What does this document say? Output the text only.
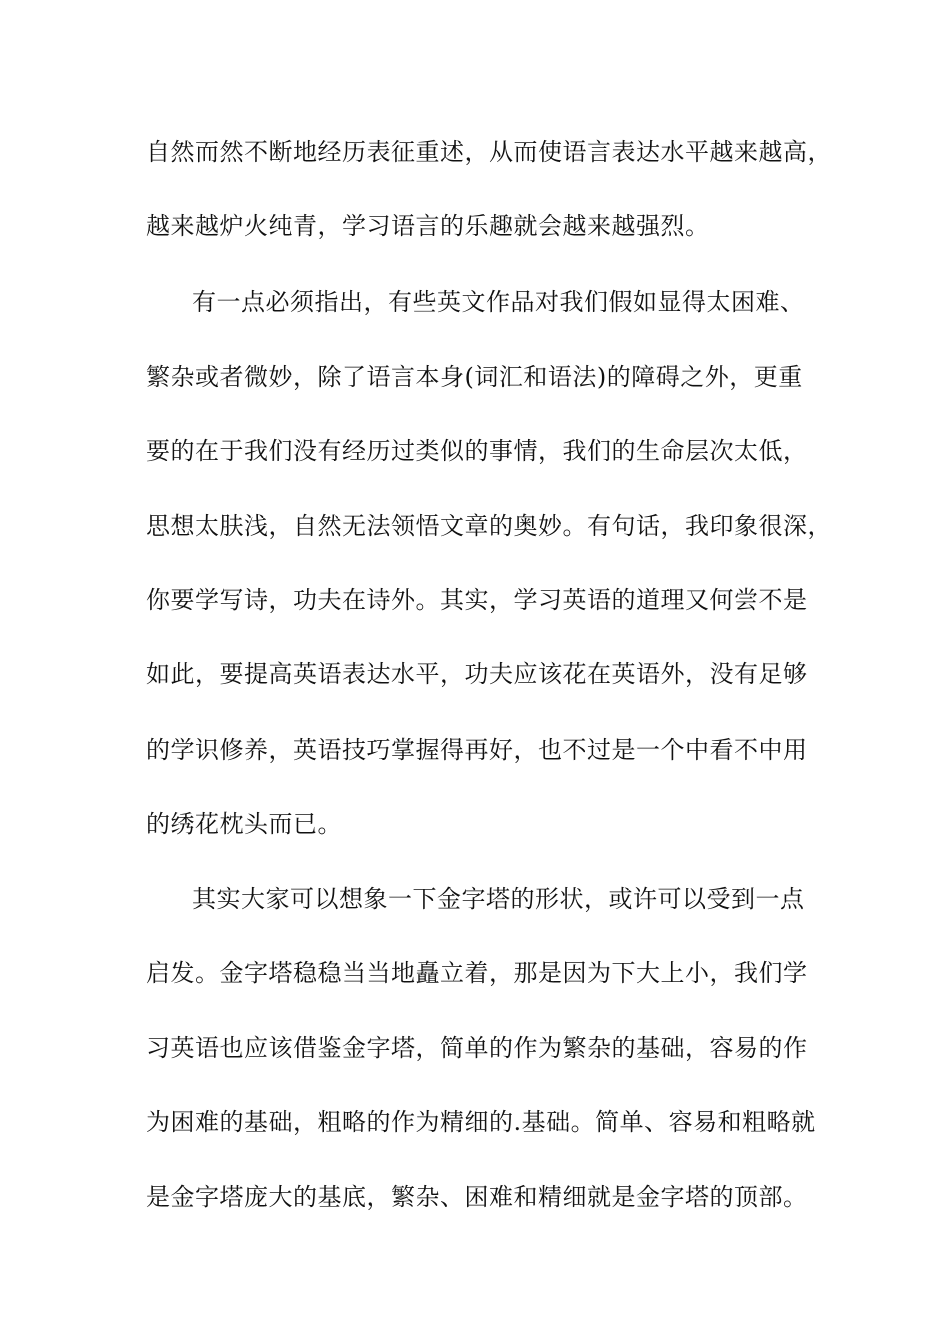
自然而然不断地经历表征重述，从而使语言表达水平越来越高，
越来越炉火纯青，学习语言的乐趣就会越来越强烈。
有一点必须指出，有些英文作品对我们假如显得太困难、
繁杂或者微妙，除了语言本身(词汇和语法)的障碍之外，更重
要的在于我们没有经历过类似的事情，我们的生命层次太低，
思想太肤浅，自然无法领悟文章的奥妙。有句话，我印象很深，
你要学写诗，功夫在诗外。其实，学习英语的道理又何尝不是
如此，要提高英语表达水平，功夫应该花在英语外，没有足够
的学识修养，英语技巧掌握得再好，也不过是一个中看不中用
的绣花枕头而已。
其实大家可以想象一下金字塔的形状，或许可以受到一点
启发。金字塔稳稳当当地矗立着，那是因为下大上小，我们学
习英语也应该借鉴金字塔，简单的作为繁杂的基础，容易的作
为困难的基础，粗略的作为精细的.基础。简单、容易和粗略就
是金字塔庞大的基底，繁杂、困难和精细就是金字塔的顶部。
